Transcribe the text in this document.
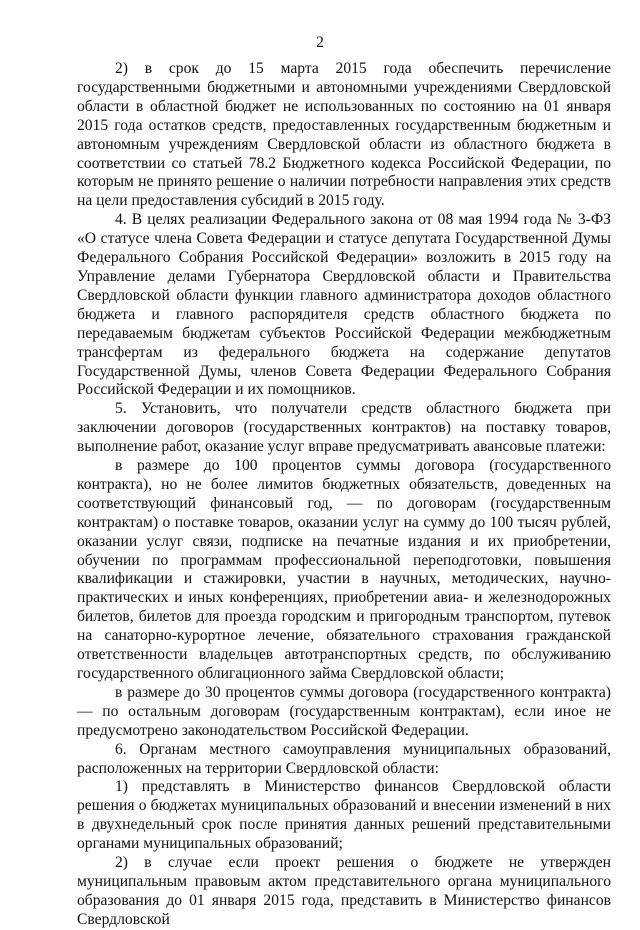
2

2) в срок до 15 марта 2015 года обеспечить перечисление государственными бюджетными и автономными учреждениями Свердловской области в областной бюджет не использованных по состоянию на 01 января 2015 года остатков средств, предоставленных государственным бюджетным и автономным учреждениям Свердловской области из областного бюджета в соответствии со статьей 78.2 Бюджетного кодекса Российской Федерации, по которым не принято решение о наличии потребности направления этих средств на цели предоставления субсидий в 2015 году.

4. В целях реализации Федерального закона от 08 мая 1994 года № 3-ФЗ «О статусе члена Совета Федерации и статусе депутата Государственной Думы Федерального Собрания Российской Федерации» возложить в 2015 году на Управление делами Губернатора Свердловской области и Правительства Свердловской области функции главного администратора доходов областного бюджета и главного распорядителя средств областного бюджета по передаваемым бюджетам субъектов Российской Федерации межбюджетным трансфертам из федерального бюджета на содержание депутатов Государственной Думы, членов Совета Федерации Федерального Собрания Российской Федерации и их помощников.

5. Установить, что получатели средств областного бюджета при заключении договоров (государственных контрактов) на поставку товаров, выполнение работ, оказание услуг вправе предусматривать авансовые платежи:

в размере до 100 процентов суммы договора (государственного контракта), но не более лимитов бюджетных обязательств, доведенных на соответствующий финансовый год, — по договорам (государственным контрактам) о поставке товаров, оказании услуг на сумму до 100 тысяч рублей, оказании услуг связи, подписке на печатные издания и их приобретении, обучении по программам профессиональной переподготовки, повышения квалификации и стажировки, участии в научных, методических, научно-практических и иных конференциях, приобретении авиа- и железнодорожных билетов, билетов для проезда городским и пригородным транспортом, путевок на санаторно-курортное лечение, обязательного страхования гражданской ответственности владельцев автотранспортных средств, по обслуживанию государственного облигационного займа Свердловской области;

в размере до 30 процентов суммы договора (государственного контракта) — по остальным договорам (государственным контрактам), если иное не предусмотрено законодательством Российской Федерации.

6. Органам местного самоуправления муниципальных образований, расположенных на территории Свердловской области:

1) представлять в Министерство финансов Свердловской области решения о бюджетах муниципальных образований и внесении изменений в них в двухнедельный срок после принятия данных решений представительными органами муниципальных образований;

2) в случае если проект решения о бюджете не утвержден муниципальным правовым актом представительного органа муниципального образования до 01 января 2015 года, представить в Министерство финансов Свердловской
